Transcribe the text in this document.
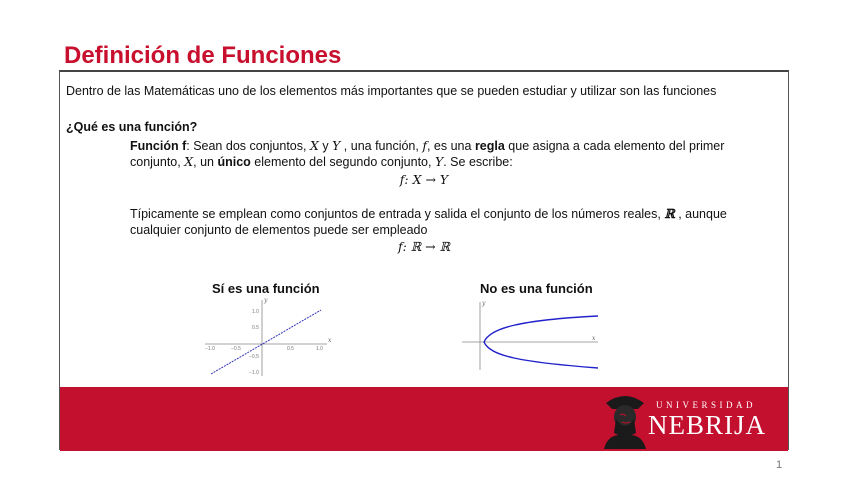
Definición de Funciones
Dentro de las Matemáticas uno de los elementos más importantes que se pueden estudiar y utilizar son las funciones
¿Qué es una función?
Función f: Sean dos conjuntos, X y Y , una función, f, es una regla que asigna a cada elemento del primer conjunto, X, un único elemento del segundo conjunto, Y. Se escribe:
f: X → Y
Típicamente se emplean como conjuntos de entrada y salida el conjunto de los números reales, ℝ , aunque cualquier conjunto de elementos puede ser empleado
f: ℝ → ℝ
Sí es una función	No es una función
y
x
−1.0	−0.5	0.5	1.0
1.0
0.5
−0.5
−1.0
y
x
UNIVERSIDAD
NEBRIJA
1
